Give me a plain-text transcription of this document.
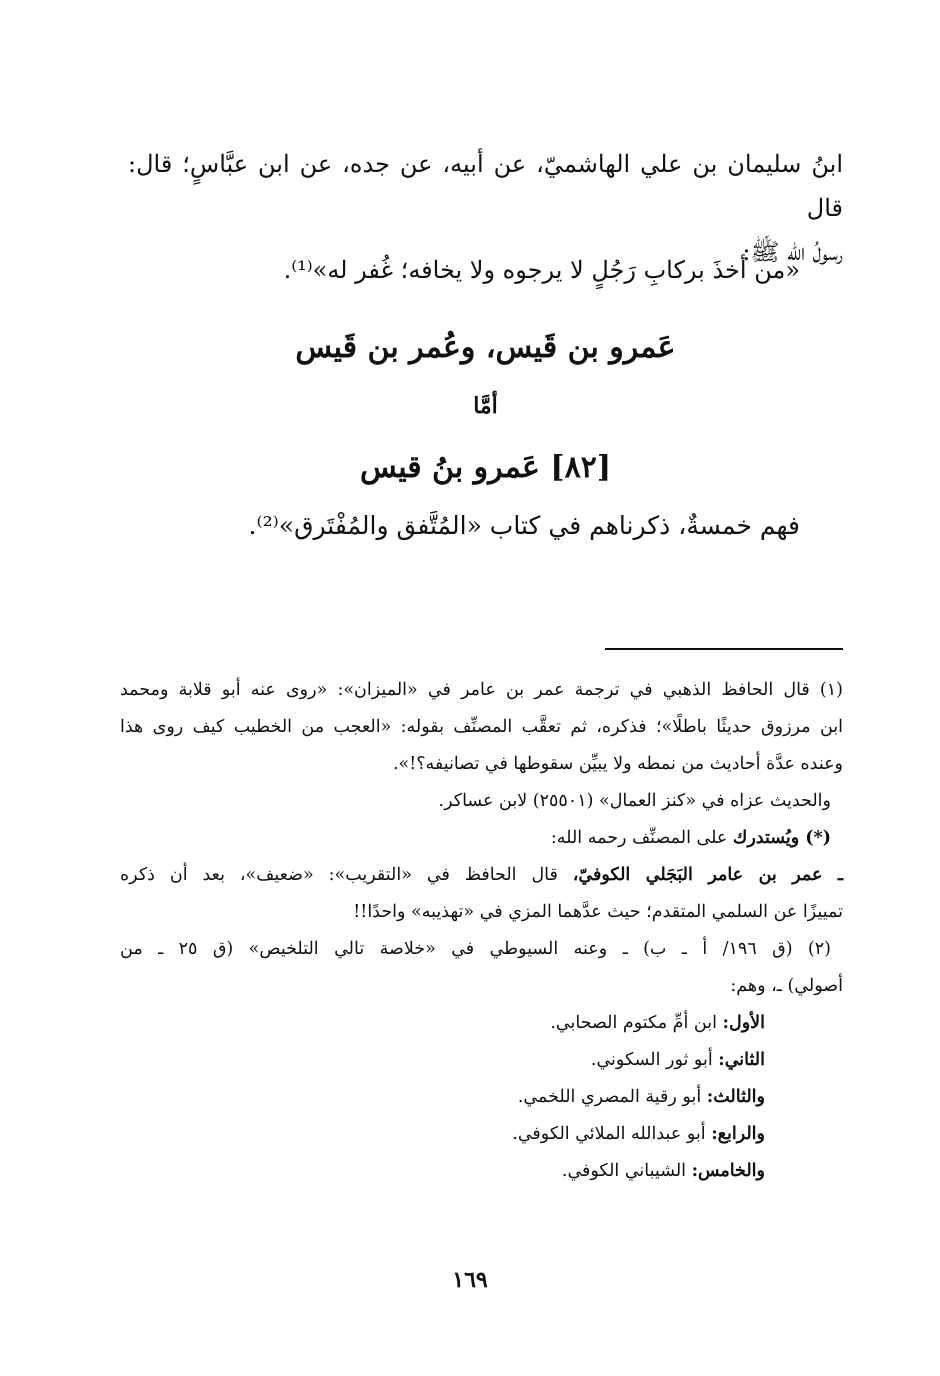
ابنُ سليمان بن علي الهاشميّ، عن أبيه، عن جده، عن ابن عبَّاسٍ؛ قال: قال
رسولُ الله ﷺ:
«من أخذَ بركابِ رَجُلٍ لا يرجوه ولا يخافه؛ غُفر له»⁽¹⁾.
عَمرو بن قَيس، وعُمر بن قَيس
أمَّا
[٨٢] عَمرو بنُ قيس
فهم خمسةٌ، ذكرناهم في كتاب «المُتَّفق والمُفْتَرق»⁽²⁾.

(١) قال الحافظ الذهبي في ترجمة عمر بن عامر في «الميزان»: «روى عنه أبو قلابة ومحمد

ابن مرزوق حديثًا باطلًا»؛ فذكره، ثم تعقَّب المصنِّف بقوله: «العجب من الخطيب كيف روى هذا

وعنده عدَّة أحاديث من نمطه ولا يبيِّن سقوطها في تصانيفه؟!».

والحديث عزاه في «كنز العمال» (٢٥٥٠١) لابن عساكر.

(*) ويُستدرك على المصنِّف رحمه الله:

ـ عمر بن عامر البَجَلي الكوفيّ، قال الحافظ في «التقريب»: «ضعيف»، بعد أن ذكره

تمييزًا عن السلمي المتقدم؛ حيث عدَّهما المزي في «تهذيبه» واحدًا!!

(٢) (ق ١٩٦/ أ ـ ب) ـ وعنه السيوطي في «خلاصة تالي التلخيص» (ق ٢٥ ـ من

أصولي) ـ، وهم:

الأول: ابن أمِّ مكتوم الصحابي.

الثاني: أبو ثور السكوني.

والثالث: أبو رقية المصري اللخمي.

والرابع: أبو عبدالله الملائي الكوفي.

والخامس: الشيباني الكوفي.

١٦٩
